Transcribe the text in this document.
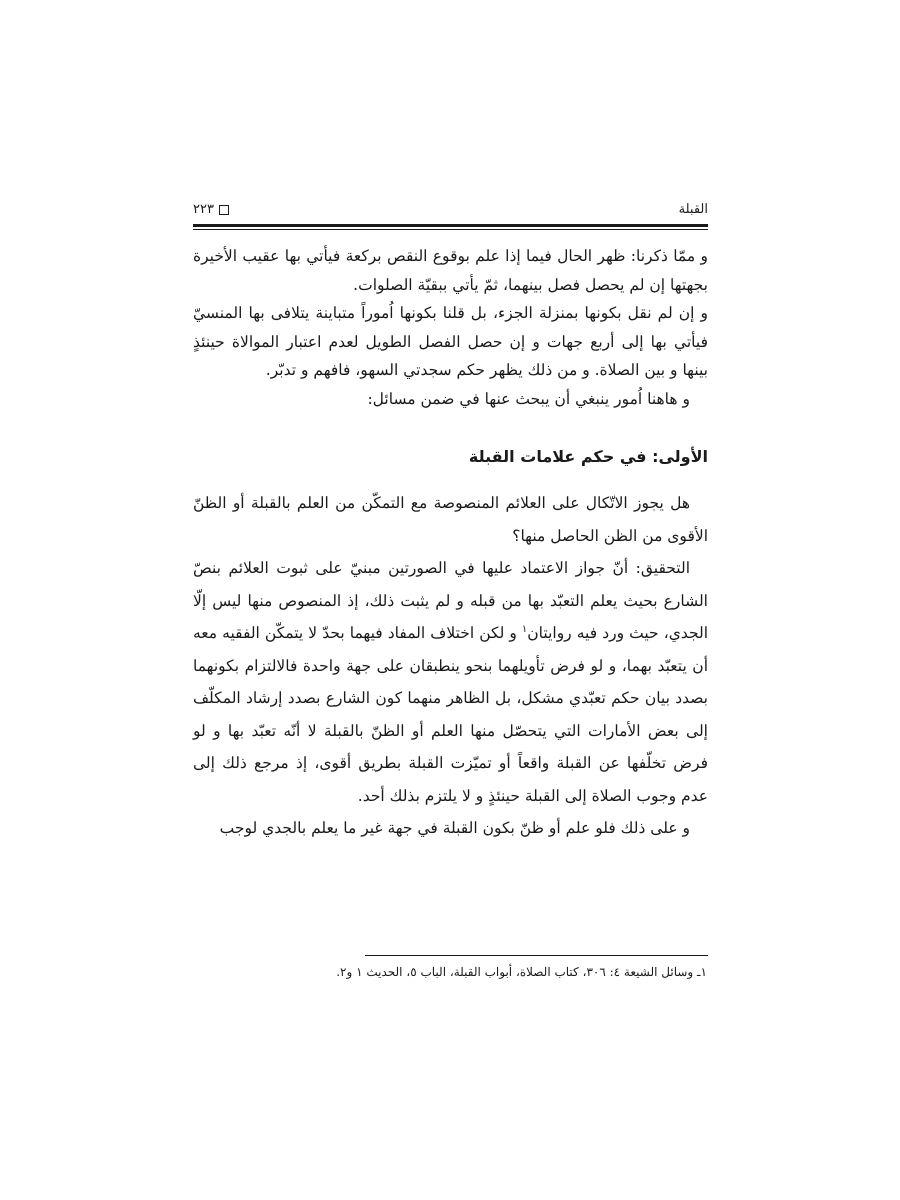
القبلة
٢٢٣

و ممّا ذكرنا: ظهر الحال فيما إذا علم بوقوع النقص بركعة فيأتي بها عقيب الأخيرة بجهتها إن لم يحصل فصل بينهما، ثمّ يأتي ببقيّة الصلوات.

و إن لم نقل بكونها بمنزلة الجزء، بل قلنا بكونها اُموراً متباينة يتلافى بها المنسيّ فيأتي بها إلى أربع جهات و إن حصل الفصل الطويل لعدم اعتبار الموالاة حينئذٍ بينها و بين الصلاة. و من ذلك يظهر حكم سجدتي السهو، فافهم و تدبّر.

و هاهنا اُمور ينبغي أن يبحث عنها في ضمن مسائل:

الأولى: في حكم علامات القبلة

هل يجوز الاتّكال على العلائم المنصوصة مع التمكّن من العلم بالقبلة أو الظنّ الأقوى من الظن الحاصل منها؟

التحقيق: أنّ جواز الاعتماد عليها في الصورتين مبنيّ على ثبوت العلائم بنصّ الشارع بحيث يعلم التعبّد بها من قبله و لم يثبت ذلك، إذ المنصوص منها ليس إلّا الجدي، حيث ورد فيه روايتان$^١$ و لكن اختلاف المفاد فيهما بحدّ لا يتمكّن الفقيه معه أن يتعبّد بهما، و لو فرض تأويلهما بنحو ينطبقان على جهة واحدة فالالتزام بكونهما بصدد بيان حكم تعبّدي مشكل، بل الظاهر منهما كون الشارع بصدد إرشاد المكلّف إلى بعض الأمارات التي يتحصّل منها العلم أو الظنّ بالقبلة لا أنّه تعبّد بها و لو فرض تخلّفها عن القبلة واقعاً أو تميّزت القبلة بطريق أقوى، إذ مرجع ذلك إلى عدم وجوب الصلاة إلى القبلة حينئذٍ و لا يلتزم بذلك أحد.

و على ذلك فلو علم أو ظنّ بكون القبلة في جهة غير ما يعلم بالجدي لوجب

١ـ وسائل الشيعة ٤: ٣٠٦، كتاب الصلاة، أبواب القبلة، الباب ٥، الحديث ١ و٢.
